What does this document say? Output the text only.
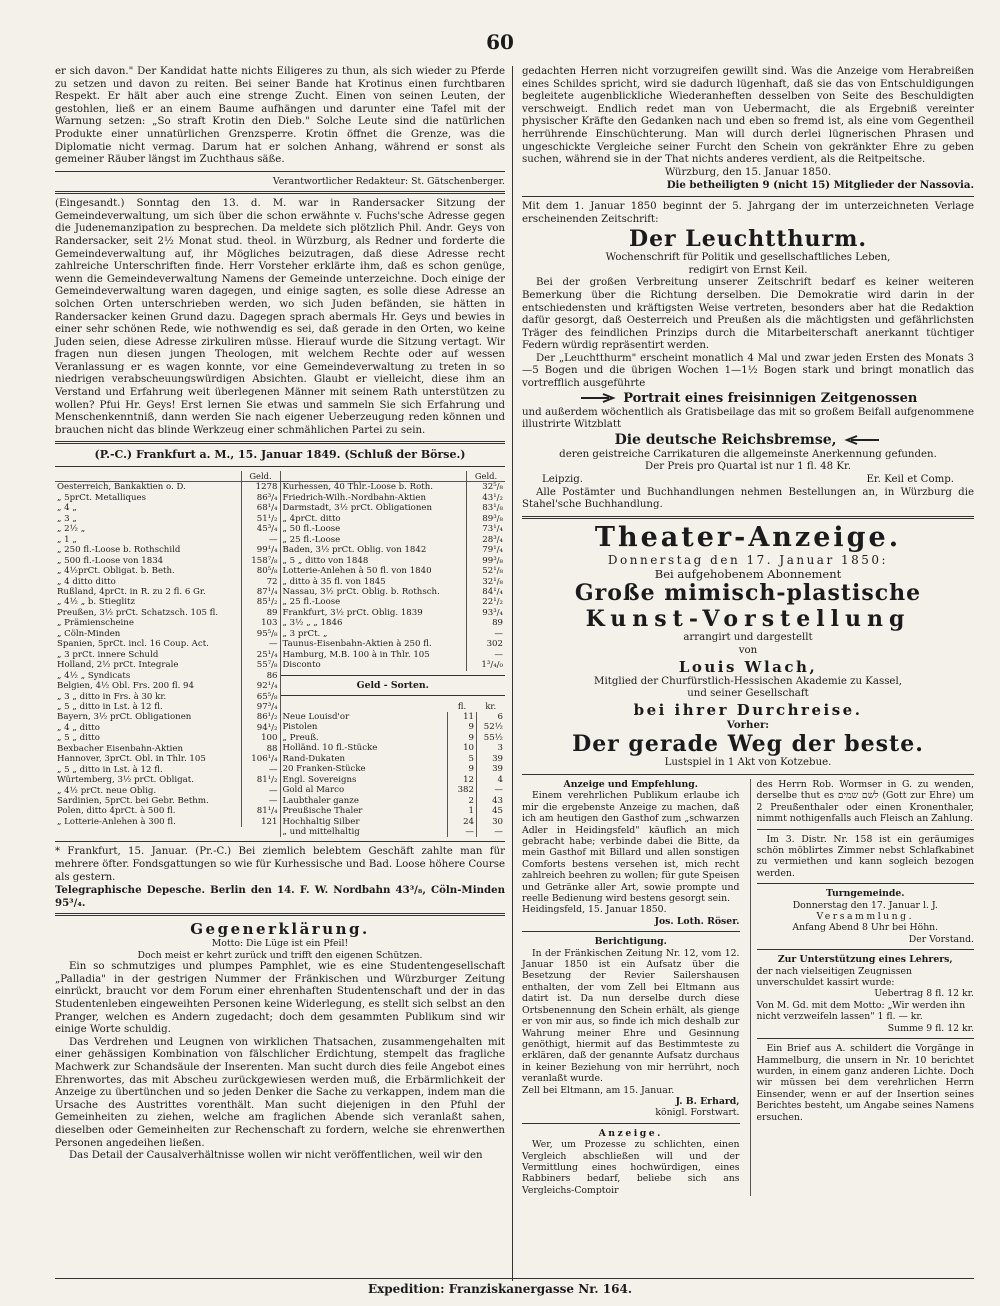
60

er sich davon." Der Kandidat hatte nichts Eiligeres zu thun, als sich wieder zu Pferde zu setzen und davon zu reiten. Bei seiner Bande hat Krotinus einen furchtbaren Respekt. Er hält aber auch eine strenge Zucht. Einen von seinen Leuten, der gestohlen, ließ er an einem Baume aufhängen und darunter eine Tafel mit der Warnung setzen: „So straft Krotin den Dieb." Solche Leute sind die natürlichen Produkte einer unnatürlichen Grenzsperre. Krotin öffnet die Grenze, was die Diplomatie nicht vermag. Darum hat er solchen Anhang, während er sonst als gemeiner Räuber längst im Zuchthaus säße.

Verantwortlicher Redakteur: St. Gätschenberger.

(Eingesandt.) Sonntag den 13. d. M. war in Randersacker Sitzung der Gemeindeverwaltung, um sich über die schon erwähnte v. Fuchs'sche Adresse gegen die Judenemanzipation zu besprechen. Da meldete sich plötzlich Phil. Andr. Geys von Randersacker, seit 2½ Monat stud. theol. in Würzburg, als Redner und forderte die Gemeindeverwaltung auf, ihr Mögliches beizutragen, daß diese Adresse recht zahlreiche Unterschriften finde. Herr Vorsteher erklärte ihm, daß es schon genüge, wenn die Gemeindeverwaltung Namens der Gemeinde unterzeichne. Doch einige der Gemeindeverwaltung waren dagegen, und einige sagten, es solle diese Adresse an solchen Orten unterschrieben werden, wo sich Juden befänden, sie hätten in Randersacker keinen Grund dazu. Dagegen sprach abermals Hr. Geys und bewies in einer sehr schönen Rede, wie nothwendig es sei, daß gerade in den Orten, wo keine Juden seien, diese Adresse zirkuliren müsse. Hierauf wurde die Sitzung vertagt. Wir fragen nun diesen jungen Theologen, mit welchem Rechte oder auf wessen Veranlassung er es wagen konnte, vor eine Gemeindeverwaltung zu treten in so niedrigen verabscheuungswürdigen Absichten. Glaubt er vielleicht, diese ihm an Verstand und Erfahrung weit überlegenen Männer mit seinem Rath unterstützen zu wollen? Pfui Hr. Geys! Erst lernen Sie etwas und sammeln Sie sich Erfahrung und Menschenkenntniß, dann werden Sie nach eigener Ueberzeugung reden können und brauchen nicht das blinde Werkzeug einer schmählichen Partei zu sein.

(P.-C.) Frankfurt a. M., 15. Januar 1849. (Schluß der Börse.)

	Geld.
Oesterreich, Bankaktien o. D.	1278
„ 5prCt. Metalliques	86³/₄
„ 4 „	68¹/₄
„ 3 „	51¹/₂
„ 2½ „	45³/₄
„ 1 „	—
„ 250 fl.-Loose b. Rothschild	99¹/₄
„ 500 fl.-Loose von 1834	158⁷/₈
„ 4½prCt. Obligat. b. Beth.	80⁵/₈
„ 4 ditto ditto	72
Rußland, 4prCt. in R. zu 2 fl. 6 Gr.	87¹/₄
„ 4½ „ b. Stieglitz	85¹/₂
Preußen, 3½ prCt. Schatzsch. 105 fl.	89
„ Prämienscheine	103
„ Cöln-Minden	95⁵/₈
Spanien, 5prCt. incl. 16 Coup. Act.	—
„ 3 prCt. innere Schuld	25¹/₄
Holland, 2½ prCt. Integrale	55⁷/₈
„ 4½ „ Syndicats	86
Belgien, 4½ Obl. Frs. 200 fl. 94	92¹/₄
„ 3 „ ditto in Frs. à 30 kr.	65⁵/₈
„ 5 „ ditto in Lst. à 12 fl.	97³/₄
Bayern, 3½ prCt. Obligationen	86¹/₂
„ 4 „ ditto	94¹/₂
„ 5 „ ditto	100
Bexbacher Eisenbahn-Aktien	88
Hannover, 3prCt. Obl. in Thlr. 105	106¹/₄
„ 5 „ ditto in Lst. à 12 fl.	—
Würtemberg, 3½ prCt. Obligat.	81¹/₂
„ 4½ prCt. neue Oblig.	—
Sardinien, 5prCt. bei Gebr. Bethm.	—
Polen, ditto 4prCt. à 500 fl.	81¹/₄
„ Lotterie-Anlehen à 300 fl.	121
	Geld.
Kurhessen, 40 Thlr.-Loose b. Roth.	32⁵/₈
Friedrich-Wilh.-Nordbahn-Aktien	43¹/₂
Darmstadt, 3½ prCt. Obligationen	83¹/₈
„ 4prCt. ditto	89³/₈
„ 50 fl.-Loose	73¹/₄
„ 25 fl.-Loose	28³/₄
Baden, 3½ prCt. Oblig. von 1842	79¹/₄
„ 5 „ ditto von 1848	99³/₈
Lotterie-Anlehen à 50 fl. von 1840	52¹/₈
„ ditto à 35 fl. von 1845	32¹/₈
Nassau, 3½ prCt. Oblig. b. Rothsch.	84¹/₄
„ 25 fl.-Loose	22¹/₂
Frankfurt, 3½ prCt. Oblig. 1839	93³/₄
„ 3½ „ „ 1846	89
„ 3 prCt. „	—
Taunus-Eisenbahn-Aktien à 250 fl.	302
Hamburg, M.B. 100 à in Thlr. 105	—
Disconto	1³/₄/₀

Geld - Sorten.

	fl.	kr.
Neue Louisd'or	11	6
Pistolen	9	52½
„ Preuß.	9	55½
Holländ. 10 fl.-Stücke	10	3
Rand-Dukaten	5	39
20 Franken-Stücke	9	39
Engl. Sovereigns	12	4
Gold al Marco	382	—
Laubthaler ganze	2	43
Preußische Thaler	1	45
Hochhaltig Silber	24	30
„ und mittelhaltig	—	—

* Frankfurt, 15. Januar. (Pr.-C.) Bei ziemlich belebtem Geschäft zahlte man für mehrere öfter. Fondsgattungen so wie für Kurhessische und Bad. Loose höhere Course als gestern.

Telegraphische Depesche. Berlin den 14. F. W. Nordbahn 43³/₈, Cöln-Minden 95³/₄.

Gegenerklärung.

Motto: Die Lüge ist ein Pfeil!

Doch meist er kehrt zurück und trifft den eigenen Schützen.

Ein so schmutziges und plumpes Pamphlet, wie es eine Studentengesellschaft „Palladia" in der gestrigen Nummer der Fränkischen und Würzburger Zeitung einrückt, braucht vor dem Forum einer ehrenhaften Studentenschaft und der in das Studentenleben eingeweihten Personen keine Widerlegung, es stellt sich selbst an den Pranger, welchen es Andern zugedacht; doch dem gesammten Publikum sind wir einige Worte schuldig.

Das Verdrehen und Leugnen von wirklichen Thatsachen, zusammengehalten mit einer gehässigen Kombination von fälschlicher Erdichtung, stempelt das fragliche Machwerk zur Schandsäule der Inserenten. Man sucht durch dies feile Angebot eines Ehrenwortes, das mit Abscheu zurückgewiesen werden muß, die Erbärmlichkeit der Anzeige zu übertünchen und so jeden Denker die Sache zu verkappen, indem man die Ursache des Austrittes vorenthält. Man sucht diejenigen in den Pfuhl der Gemeinheiten zu ziehen, welche am fraglichen Abende sich veranlaßt sahen, dieselben oder Gemeinheiten zur Rechenschaft zu fordern, welche sie ehrenwerthen Personen angedeihen ließen.

Das Detail der Causalverhältnisse wollen wir nicht veröffentlichen, weil wir den

gedachten Herren nicht vorzugreifen gewillt sind. Was die Anzeige vom Herabreißen eines Schildes spricht, wird sie dadurch lügenhaft, daß sie das von Entschuldigungen begleitete augenblickliche Wiederanheften desselben von Seite des Beschuldigten verschweigt. Endlich redet man von Uebermacht, die als Ergebniß vereinter physischer Kräfte den Gedanken nach und eben so fremd ist, als eine vom Gegentheil herrührende Einschüchterung. Man will durch derlei lügnerischen Phrasen und ungeschickte Vergleiche seiner Furcht den Schein von gekränkter Ehre zu geben suchen, während sie in der That nichts anderes verdient, als die Reitpeitsche.

Würzburg, den 15. Januar 1850.

Die betheiligten 9 (nicht 15) Mitglieder der Nassovia.

Mit dem 1. Januar 1850 beginnt der 5. Jahrgang der im unterzeichneten Verlage erscheinenden Zeitschrift:

Der Leuchtthurm.

Wochenschrift für Politik und gesellschaftliches Leben,

redigirt von Ernst Keil.

Bei der großen Verbreitung unserer Zeitschrift bedarf es keiner weiteren Bemerkung über die Richtung derselben. Die Demokratie wird darin in der entschiedensten und kräftigsten Weise vertreten, besonders aber hat die Redaktion dafür gesorgt, daß Oesterreich und Preußen als die mächtigsten und gefährlichsten Träger des feindlichen Prinzips durch die Mitarbeiterschaft anerkannt tüchtiger Federn würdig repräsentirt werden.

Der „Leuchtthurm" erscheint monatlich 4 Mal und zwar jeden Ersten des Monats 3—5 Bogen und die übrigen Wochen 1—1½ Bogen stark und bringt monatlich das vortrefflich ausgeführte

Portrait eines freisinnigen Zeitgenossen

und außerdem wöchentlich als Gratisbeilage das mit so großem Beifall aufgenommene illustrirte Witzblatt

Die deutsche Reichsbremse,

deren geistreiche Carrikaturen die allgemeinste Anerkennung gefunden.

Der Preis pro Quartal ist nur 1 fl. 48 Kr.

Leipzig.	Er. Keil et Comp.

Alle Postämter und Buchhandlungen nehmen Bestellungen an, in Würzburg die Stahel'sche Buchhandlung.

Theater-Anzeige.

Donnerstag den 17. Januar 1850:

Bei aufgehobenem Abonnement

Große mimisch-plastische

Kunst-Vorstellung

arrangirt und dargestellt

von

Louis Wlach,

Mitglied der Churfürstlich-Hessischen Akademie zu Kassel,

und seiner Gesellschaft

bei ihrer Durchreise.

Vorher:

Der gerade Weg der beste.

Lustspiel in 1 Akt von Kotzebue.

Anzeige und Empfehlung.

Einem verehrlichen Publikum erlaube ich mir die ergebenste Anzeige zu machen, daß ich am heutigen den Gasthof zum „schwarzen Adler in Heidingsfeld" käuflich an mich gebracht habe; verbinde dabei die Bitte, da mein Gasthof mit Billard und allen sonstigen Comforts bestens versehen ist, mich recht zahlreich beehren zu wollen; für gute Speisen und Getränke aller Art, sowie prompte und reelle Bedienung wird bestens gesorgt sein.

Heidingsfeld, 15. Januar 1850.

Jos. Loth. Röser.

Berichtigung.

In der Fränkischen Zeitung Nr. 12, vom 12. Januar 1850 ist ein Aufsatz über die Besetzung der Revier Sailershausen enthalten, der vom Zell bei Eltmann aus datirt ist. Da nun derselbe durch diese Ortsbenennung den Schein erhält, als gienge er von mir aus, so finde ich mich deshalb zur Wahrung meiner Ehre und Gesinnung genöthigt, hiermit auf das Bestimmteste zu erklären, daß der genannte Aufsatz durchaus in keiner Beziehung von mir herrührt, noch veranlaßt wurde.

Zell bei Eltmann, am 15. Januar.

J. B. Erhard,

königl. Forstwart.

Anzeige.

Wer, um Prozesse zu schlichten, einen Vergleich abschließen will und der Vermittlung eines hochwürdigen, eines Rabbiners bedarf, beliebe sich ans Vergleichs-Comptoir

des Herrn Rob. Wormser in G. zu wenden, derselbe thut es לשם שמים (Gott zur Ehre) um 2 Preußenthaler oder einen Kronenthaler, nimmt nothigenfalls auch Fleisch an Zahlung.

Im 3. Distr. Nr. 158 ist ein geräumiges schön möblirtes Zimmer nebst Schlafkabinet zu vermiethen und kann sogleich bezogen werden.

Turngemeinde.

Donnerstag den 17. Januar l. J.

Versammlung.

Anfang Abend 8 Uhr bei Höhn.

Der Vorstand.

Zur Unterstützung eines Lehrers,

der nach vielseitigen Zeugnissen unverschuldet kassirt wurde:

Uebertrag 8 fl. 12 kr.

Von M. Gd. mit dem Motto: „Wir werden ihn nicht verzweifeln lassen" 1 fl. — kr.

Summe 9 fl. 12 kr.

Ein Brief aus A. schildert die Vorgänge in Hammelburg, die unsern in Nr. 10 berichtet wurden, in einem ganz anderen Lichte. Doch wir müssen bei dem verehrlichen Herrn Einsender, wenn er auf der Insertion seines Berichtes besteht, um Angabe seines Namens ersuchen.

Expedition: Franziskanergasse Nr. 164.
